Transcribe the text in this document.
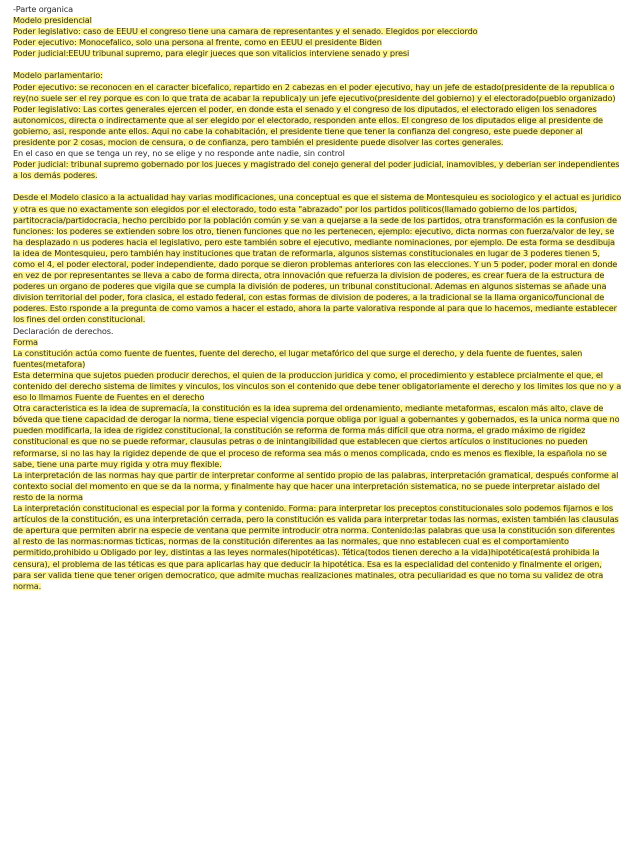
-Parte organica

Modelo presidencial

Poder legislativo: caso de EEUU el congreso tiene una camara de representantes y el senado. Elegidos por elecciordo

Poder ejecutivo: Monocefalico, solo una persona al frente, como en EEUU el presidente Biden

Poder judicial:EEUU tribunal supremo, para elegir jueces que son vitalicios interviene senado y presi

Modelo parlamentario:

Poder ejecutivo: se reconocen en el caracter bicefalico, repartido en 2 cabezas en el poder ejecutivo, hay un jefe de estado(presidente de la republica o rey(no suele ser el rey porque es con lo que trata de acabar la republica)y un jefe ejecutivo(presidente del gobierno) y el electorado(pueblo organizado)

Poder legislativo: Las cortes generales ejercen el poder, en donde esta el senado y el congreso de los diputados, el electorado eligen los senadores autonomicos, directa o indirectamente que al ser elegido por el electorado, responden ante ellos. El congreso de los diputados elige al presidente de gobierno, asi, responde ante ellos. Aqui no cabe la cohabitación, el presidente tiene que tener la confianza del congreso, este puede deponer al presidente por 2 cosas, mocion de censura, o de confianza, pero también el presidente puede disolver las cortes generales.

En el caso en que se tenga un rey, no se elige y no responde ante nadie, sin control

Poder judicial: tribunal supremo gobernado por los jueces y magistrado del conejo general del poder judicial, inamovibles, y deberian ser independientes a los demás poderes.

Desde el Modelo clasico a la actualidad hay varias modificaciones, una conceptual es que el sistema de Montesquieu es sociologico y el actual es juridico y otra es que no exactamente son elegidos por el electorado, todo esta "abrazado" por los partidos politicos(llamado gobierno de los partidos, partitocracia/partidocracia, hecho percibido por la población común y se van a quejarse a la sede de los partidos, otra transformación es la confusion de funciones: los poderes se extienden sobre los otro, tienen funciones que no les pertenecen, ejemplo: ejecutivo, dicta normas con fuerza/valor de ley, se ha desplazado n us poderes hacia el legislativo, pero este también sobre el ejecutivo, mediante nominaciones, por ejemplo. De esta forma se desdibuja la idea de Montesquieu, pero también hay instituciones que tratan de reformarla, algunos sistemas constitucionales en lugar de 3 poderes tienen 5, como el 4, el poder electoral, poder independiente, dado porque se dieron problemas anteriores con las elecciones. Y un 5 poder, poder moral en donde en vez de por representantes se lleva a cabo de forma directa, otra innovación que refuerza la division de poderes, es crear fuera de la estructura de poderes un organo de poderes que vigila que se cumpla la división de poderes, un tribunal constitucional. Ademas en algunos sistemas se añade una division territorial del poder, fora clasica, el estado federal, con estas formas de division de poderes, a la tradicional se la llama organico/funcional de poderes. Esto rsponde a la pregunta de como vamos a hacer el estado, ahora la parte valorativa responde al para que lo hacemos, mediante establecer los fines del orden constitucional.

Declaración de derechos.

Forma

La constitución actúa como fuente de fuentes, fuente del derecho, el lugar metafórico del que surge el derecho, y dela fuente de fuentes, salen fuentes(metafora)

Esta determina que sujetos pueden producir derechos, el quien de la produccion juridica y como, el procedimiento y establece prcialmente el que, el contenido del derecho sistema de limites y vinculos, los vinculos son el contenido que debe tener obligatoriamente el derecho y los limites los que no y a eso lo llmamos Fuente de Fuentes en el derecho

Otra caracteristica es la idea de supremacía, la constitución es la idea suprema del ordenamiento, mediante metaformas, escalon más alto, clave de bóveda que tiene capacidad de derogar la norma, tiene especial vigencia porque obliga por igual a gobernantes y gobernados, es la unica norma que no pueden modificarla, la idea de rigidez constitucional, la constitución se reforma de forma más difícil que otra norma, el grado máximo de rigidez constitucional es que no se puede reformar, clausulas petras o de inintangibilidad que establecen que ciertos artículos o instituciones no pueden reformarse, si no las hay la rigidez depende de que el proceso de reforma sea más o menos complicada, cndo es menos es flexible, la española no se sabe, tiene una parte muy rigida y otra muy flexible.

La interpretación de las normas hay que partir de interpretar conforme al sentido propio de las palabras, interpretación gramatical, después conforme al contexto social del momento en que se da la norma, y finalmente hay que hacer una interpretación sistematica, no se puede interpretar aislado del resto de la norma

La interpretación constitucional es especial por la forma y contenido. Forma: para interpretar los preceptos constitucionales solo podemos fijarnos e los artículos de la constitución, es una interpretación cerrada, pero la constitución es valida para interpretar todas las normas, existen también las clausulas de apertura que permiten abrir na especie de ventana que permite introducir otra norma. Contenido:las palabras que usa la constitución son diferentes al resto de las normas:normas ticticas, normas de la constitución diferentes aa las normales, que nno establecen cual es el comportamiento permitido,prohibido u Obligado por ley, distintas a las leyes normales(hipotéticas). Tética(todos tienen derecho a la vida)hipotética(está prohibida la censura), el problema de las téticas es que para aplicarlas hay que deducir la hipotética. Esa es la especialidad del contenido y finalmente el origen, para ser valida tiene que tener origen democratico, que admite muchas realizaciones matinales, otra peculiaridad es que no toma su validez de otra norma.
